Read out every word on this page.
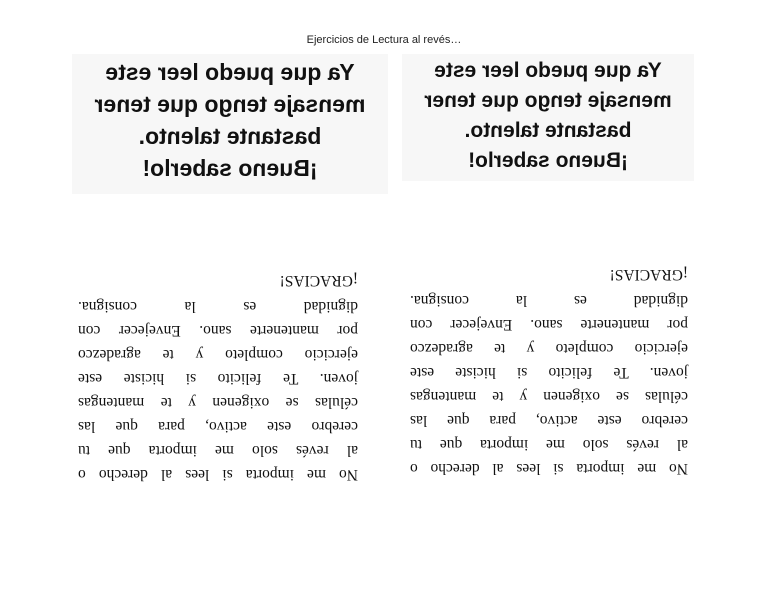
Ejercicios de Lectura al revés…
Ya que puedo leer este
mensaje tengo que tener
bastante talento.
¡Bueno saberlo!
Ya que puedo leer este
mensaje tengo que tener
bastante talento.
¡Bueno saberlo!
No me importa si lees al derecho o
al revés solo me importa que tu
cerebro este activo, para que las
células se oxigenen y te mantengas
joven. Te felicito si hiciste este
ejercicio completo y te agradezco
por mantenerte sano. Envejecer con
dignidad es la consigna.
¡GRACIAS!
No me importa si lees al derecho o
al revés solo me importa que tu
cerebro este activo, para que las
células se oxigenen y te mantengas
joven. Te felicito si hiciste este
ejercicio completo y te agradezco
por mantenerte sano. Envejecer con
dignidad es la consigna.
¡GRACIAS!
